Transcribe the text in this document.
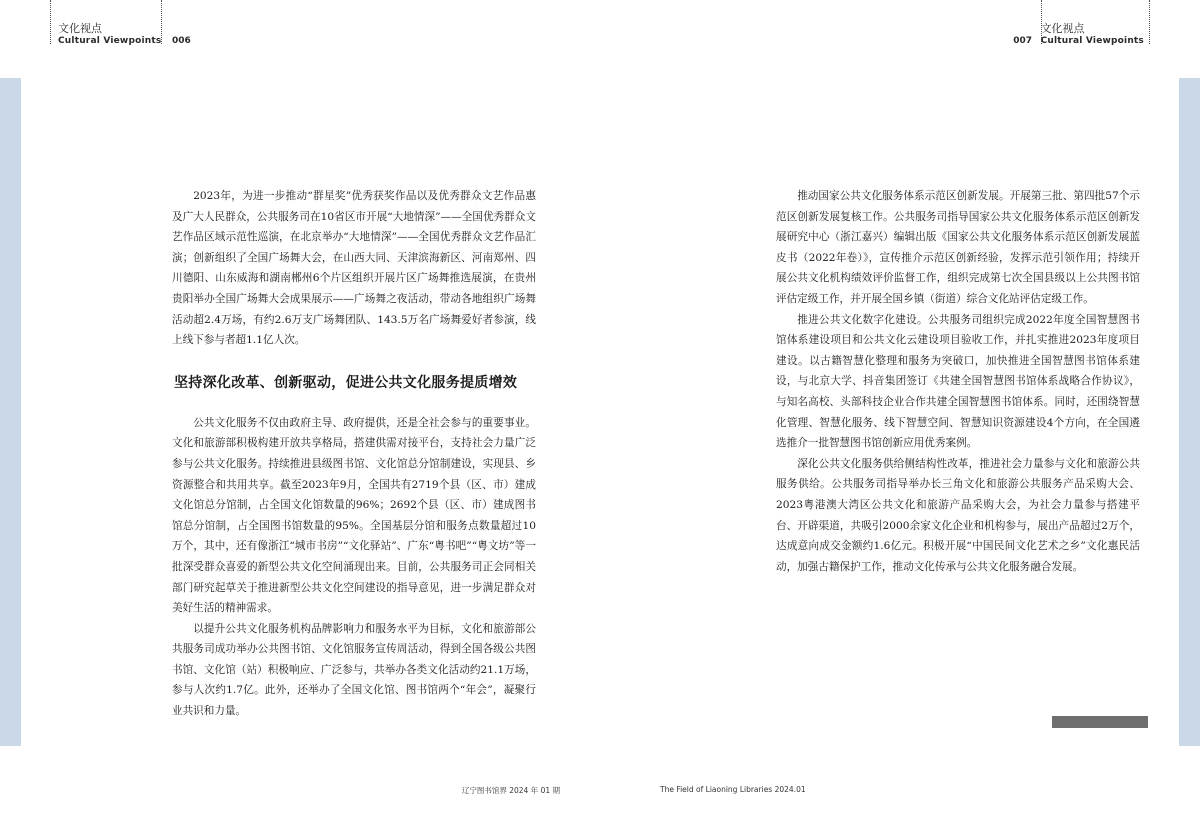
文化视点
Cultural Viewpoints 006
文化视点
Cultural Viewpoints
007

2023年，为进一步推动“群星奖”优秀获奖作品以及优秀群众文艺作品惠及广大人民群众，公共服务司在10省区市开展“大地情深”——全国优秀群众文艺作品区域示范性巡演，在北京举办“大地情深”——全国优秀群众文艺作品汇演；创新组织了全国广场舞大会，在山西大同、天津滨海新区、河南郑州、四川德阳、山东威海和湖南郴州6个片区组织开展片区广场舞推选展演，在贵州贵阳举办全国广场舞大会成果展示——广场舞之夜活动，带动各地组织广场舞活动超2.4万场，有约2.6万支广场舞团队、143.5万名广场舞爱好者参演，线上线下参与者超1.1亿人次。

坚持深化改革、创新驱动，促进公共文化服务提质增效

公共文化服务不仅由政府主导、政府提供，还是全社会参与的重要事业。文化和旅游部积极构建开放共享格局，搭建供需对接平台，支持社会力量广泛参与公共文化服务。持续推进县级图书馆、文化馆总分馆制建设，实现县、乡资源整合和共用共享。截至2023年9月，全国共有2719个县（区、市）建成文化馆总分馆制，占全国文化馆数量的96%；2692个县（区、市）建成图书馆总分馆制，占全国图书馆数量的95%。全国基层分馆和服务点数量超过10万个，其中，还有像浙江“城市书房”“文化驿站”、广东“粤书吧”“粤文坊”等一批深受群众喜爱的新型公共文化空间涌现出来。目前，公共服务司正会同相关部门研究起草关于推进新型公共文化空间建设的指导意见，进一步满足群众对美好生活的精神需求。

以提升公共文化服务机构品牌影响力和服务水平为目标，文化和旅游部公共服务司成功举办公共图书馆、文化馆服务宣传周活动，得到全国各级公共图书馆、文化馆（站）积极响应、广泛参与，共举办各类文化活动约21.1万场，参与人次约1.7亿。此外，还举办了全国文化馆、图书馆两个“年会”，凝聚行业共识和力量。

推动国家公共文化服务体系示范区创新发展。开展第三批、第四批57个示范区创新发展复核工作。公共服务司指导国家公共文化服务体系示范区创新发展研究中心（浙江嘉兴）编辑出版《国家公共文化服务体系示范区创新发展蓝皮书（2022年卷）》，宣传推介示范区创新经验，发挥示范引领作用；持续开展公共文化机构绩效评价监督工作，组织完成第七次全国县级以上公共图书馆评估定级工作，并开展全国乡镇（街道）综合文化站评估定级工作。

推进公共文化数字化建设。公共服务司组织完成2022年度全国智慧图书馆体系建设项目和公共文化云建设项目验收工作，并扎实推进2023年度项目建设。以古籍智慧化整理和服务为突破口，加快推进全国智慧图书馆体系建设，与北京大学、抖音集团签订《共建全国智慧图书馆体系战略合作协议》，与知名高校、头部科技企业合作共建全国智慧图书馆体系。同时，还围绕智慧化管理、智慧化服务、线下智慧空间、智慧知识资源建设4个方向，在全国遴选推介一批智慧图书馆创新应用优秀案例。

深化公共文化服务供给侧结构性改革，推进社会力量参与文化和旅游公共服务供给。公共服务司指导举办长三角文化和旅游公共服务产品采购大会、2023粤港澳大湾区公共文化和旅游产品采购大会，为社会力量参与搭建平台、开辟渠道，共吸引2000余家文化企业和机构参与，展出产品超过2万个，达成意向成交金额约1.6亿元。积极开展“中国民间文化艺术之乡”文化惠民活动，加强古籍保护工作，推动文化传承与公共文化服务融合发展。

辽宁图书馆界 2024 年 01 期	The Field of Liaoning Libraries 2024.01
